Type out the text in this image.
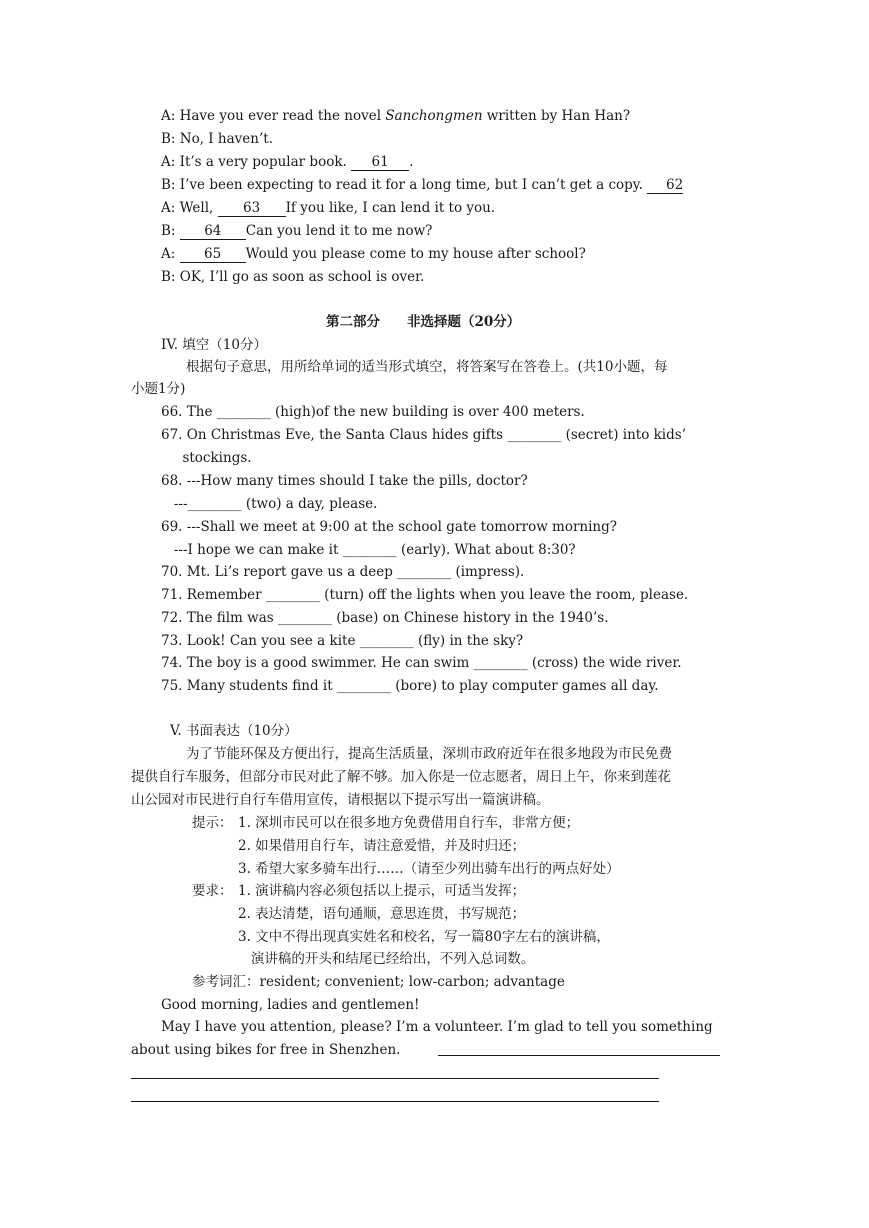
A: Have you ever read the novel Sanchongmen written by Han Han?
B: No, I haven’t.
A: It’s a very popular book. 61 .
B: I’ve been expecting to read it for a long time, but I can’t get a copy. 62
A: Well, 63 If you like, I can lend it to you.
B: 64 Can you lend it to me now?
A: 65 Would you please come to my house after school?
B: OK, I’ll go as soon as school is over.
第二部分　　非选择题（20分）
IV. 填空（10分）
根据句子意思，用所给单词的适当形式填空，将答案写在答卷上。(共10小题，每
小题1分)
66. The ________ (high)of the new building is over 400 meters.
67. On Christmas Eve, the Santa Claus hides gifts ________ (secret) into kids’
stockings.
68. ---How many times should I take the pills, doctor?
---________ (two) a day, please.
69. ---Shall we meet at 9:00 at the school gate tomorrow morning?
---I hope we can make it ________ (early). What about 8:30?
70. Mt. Li’s report gave us a deep ________ (impress).
71. Remember ________ (turn) off the lights when you leave the room, please.
72. The film was ________ (base) on Chinese history in the 1940’s.
73. Look! Can you see a kite ________ (fly) in the sky?
74. The boy is a good swimmer. He can swim ________ (cross) the wide river.
75. Many students find it ________ (bore) to play computer games all day.
V. 书面表达（10分）
为了节能环保及方便出行，提高生活质量，深圳市政府近年在很多地段为市民免费
提供自行车服务，但部分市民对此了解不够。加入你是一位志愿者，周日上午，你来到莲花
山公园对市民进行自行车借用宣传，请根据以下提示写出一篇演讲稿。
提示： 1. 深圳市民可以在很多地方免费借用自行车，非常方便；
2. 如果借用自行车，请注意爱惜，并及时归还；
3. 希望大家多骑车出行……（请至少列出骑车出行的两点好处）
要求： 1. 演讲稿内容必须包括以上提示，可适当发挥；
2. 表达清楚，语句通顺，意思连贯，书写规范；
3. 文中不得出现真实姓名和校名，写一篇80字左右的演讲稿，
演讲稿的开头和结尾已经给出，不列入总词数。
参考词汇：resident; convenient; low-carbon; advantage
Good morning, ladies and gentlemen!
May I have you attention, please? I’m a volunteer. I’m glad to tell you something
about using bikes for free in Shenzhen.
